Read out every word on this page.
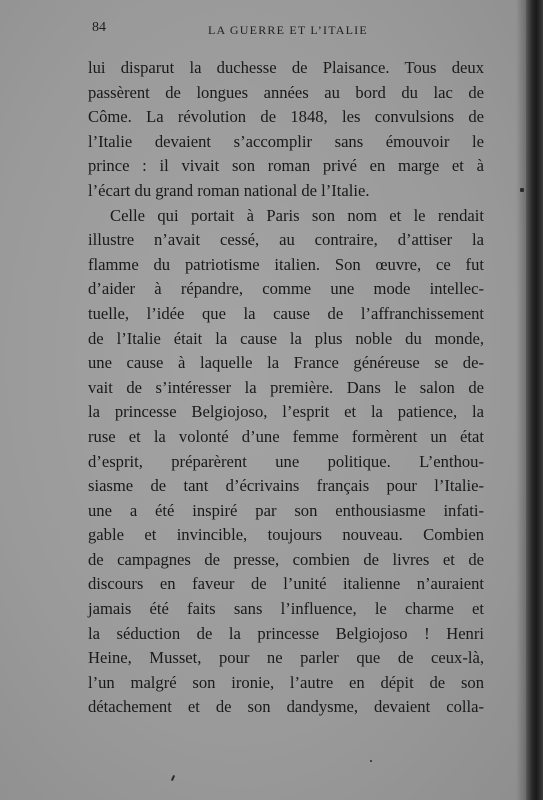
84	LA GUERRE ET L’ITALIE
lui disparut la duchesse de Plaisance. Tous deux
passèrent de longues années au bord du lac de
Côme. La révolution de 1848, les convulsions de
l’Italie devaient s’accomplir sans émouvoir le
prince : il vivait son roman privé en marge et à
l’écart du grand roman national de l’Italie.
Celle qui portait à Paris son nom et le rendait
illustre n’avait cessé, au contraire, d’attiser la
flamme du patriotisme italien. Son œuvre, ce fut
d’aider à répandre, comme une mode intellec-
tuelle, l’idée que la cause de l’affranchissement
de l’Italie était la cause la plus noble du monde,
une cause à laquelle la France généreuse se de-
vait de s’intéresser la première. Dans le salon de
la princesse Belgiojoso, l’esprit et la patience, la
ruse et la volonté d’une femme formèrent un état
d’esprit, préparèrent une politique. L’enthou-
siasme de tant d’écrivains français pour l’Italie-
une a été inspiré par son enthousiasme infati-
gable et invincible, toujours nouveau. Combien
de campagnes de presse, combien de livres et de
discours en faveur de l’unité italienne n’auraient
jamais été faits sans l’influence, le charme et
la séduction de la princesse Belgiojoso ! Henri
Heine, Musset, pour ne parler que de ceux-là,
l’un malgré son ironie, l’autre en dépit de son
détachement et de son dandysme, devaient colla-
